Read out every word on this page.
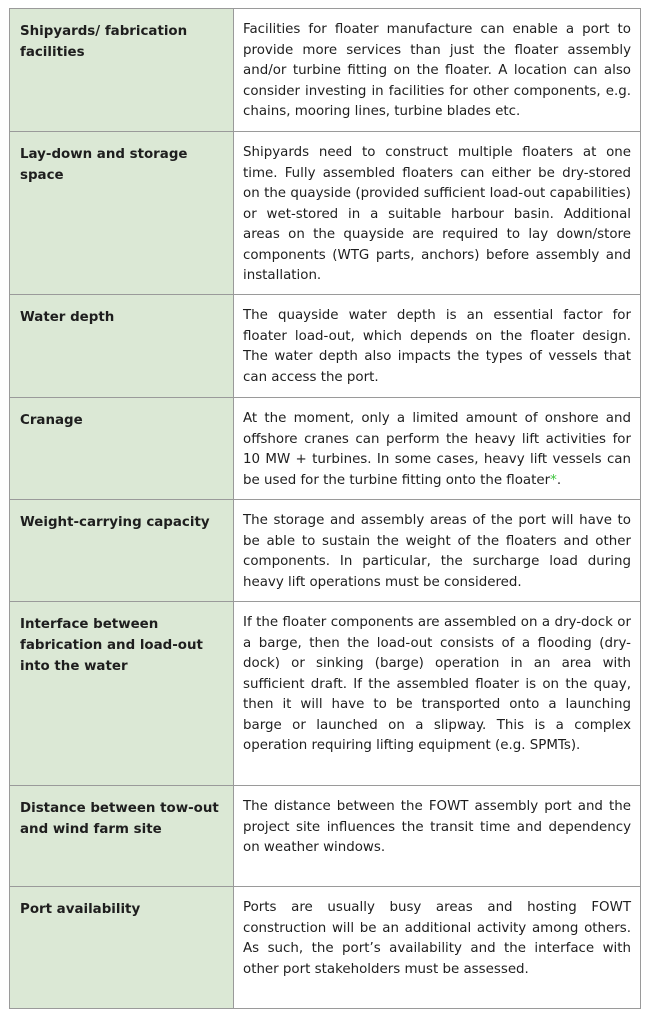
Shipyards/ fabrication facilities	Facilities for floater manufacture can enable a port to provide more services than just the floater assembly and/or turbine fitting on the floater. A location can also consider investing in facilities for other components, e.g. chains, mooring lines, turbine blades etc.
Lay-down and storage space	Shipyards need to construct multiple floaters at one time. Fully assembled floaters can either be dry-stored on the quayside (provided sufficient load-out capabilities) or wet-stored in a suitable harbour basin. Additional areas on the quayside are required to lay down/store components (WTG parts, anchors) before assembly and installation.
Water depth	The quayside water depth is an essential factor for floater load-out, which depends on the floater design. The water depth also impacts the types of vessels that can access the port.
Cranage	At the moment, only a limited amount of onshore and offshore cranes can perform the heavy lift activities for 10 MW + turbines. In some cases, heavy lift vessels can be used for the turbine fitting onto the floater*.
Weight-carrying capacity	The storage and assembly areas of the port will have to be able to sustain the weight of the floaters and other components. In particular, the surcharge load during heavy lift operations must be considered.
Interface between fabrication and load-out into the water	If the floater components are assembled on a dry-dock or a barge, then the load-out consists of a flooding (dry-dock) or sinking (barge) operation in an area with sufficient draft. If the assembled floater is on the quay, then it will have to be transported onto a launching barge or launched on a slipway. This is a complex operation requiring lifting equipment (e.g. SPMTs).
Distance between tow-out and wind farm site	The distance between the FOWT assembly port and the project site influences the transit time and dependency on weather windows.
Port availability	Ports are usually busy areas and hosting FOWT construction will be an additional activity among others. As such, the port’s availability and the interface with other port stakeholders must be assessed.
